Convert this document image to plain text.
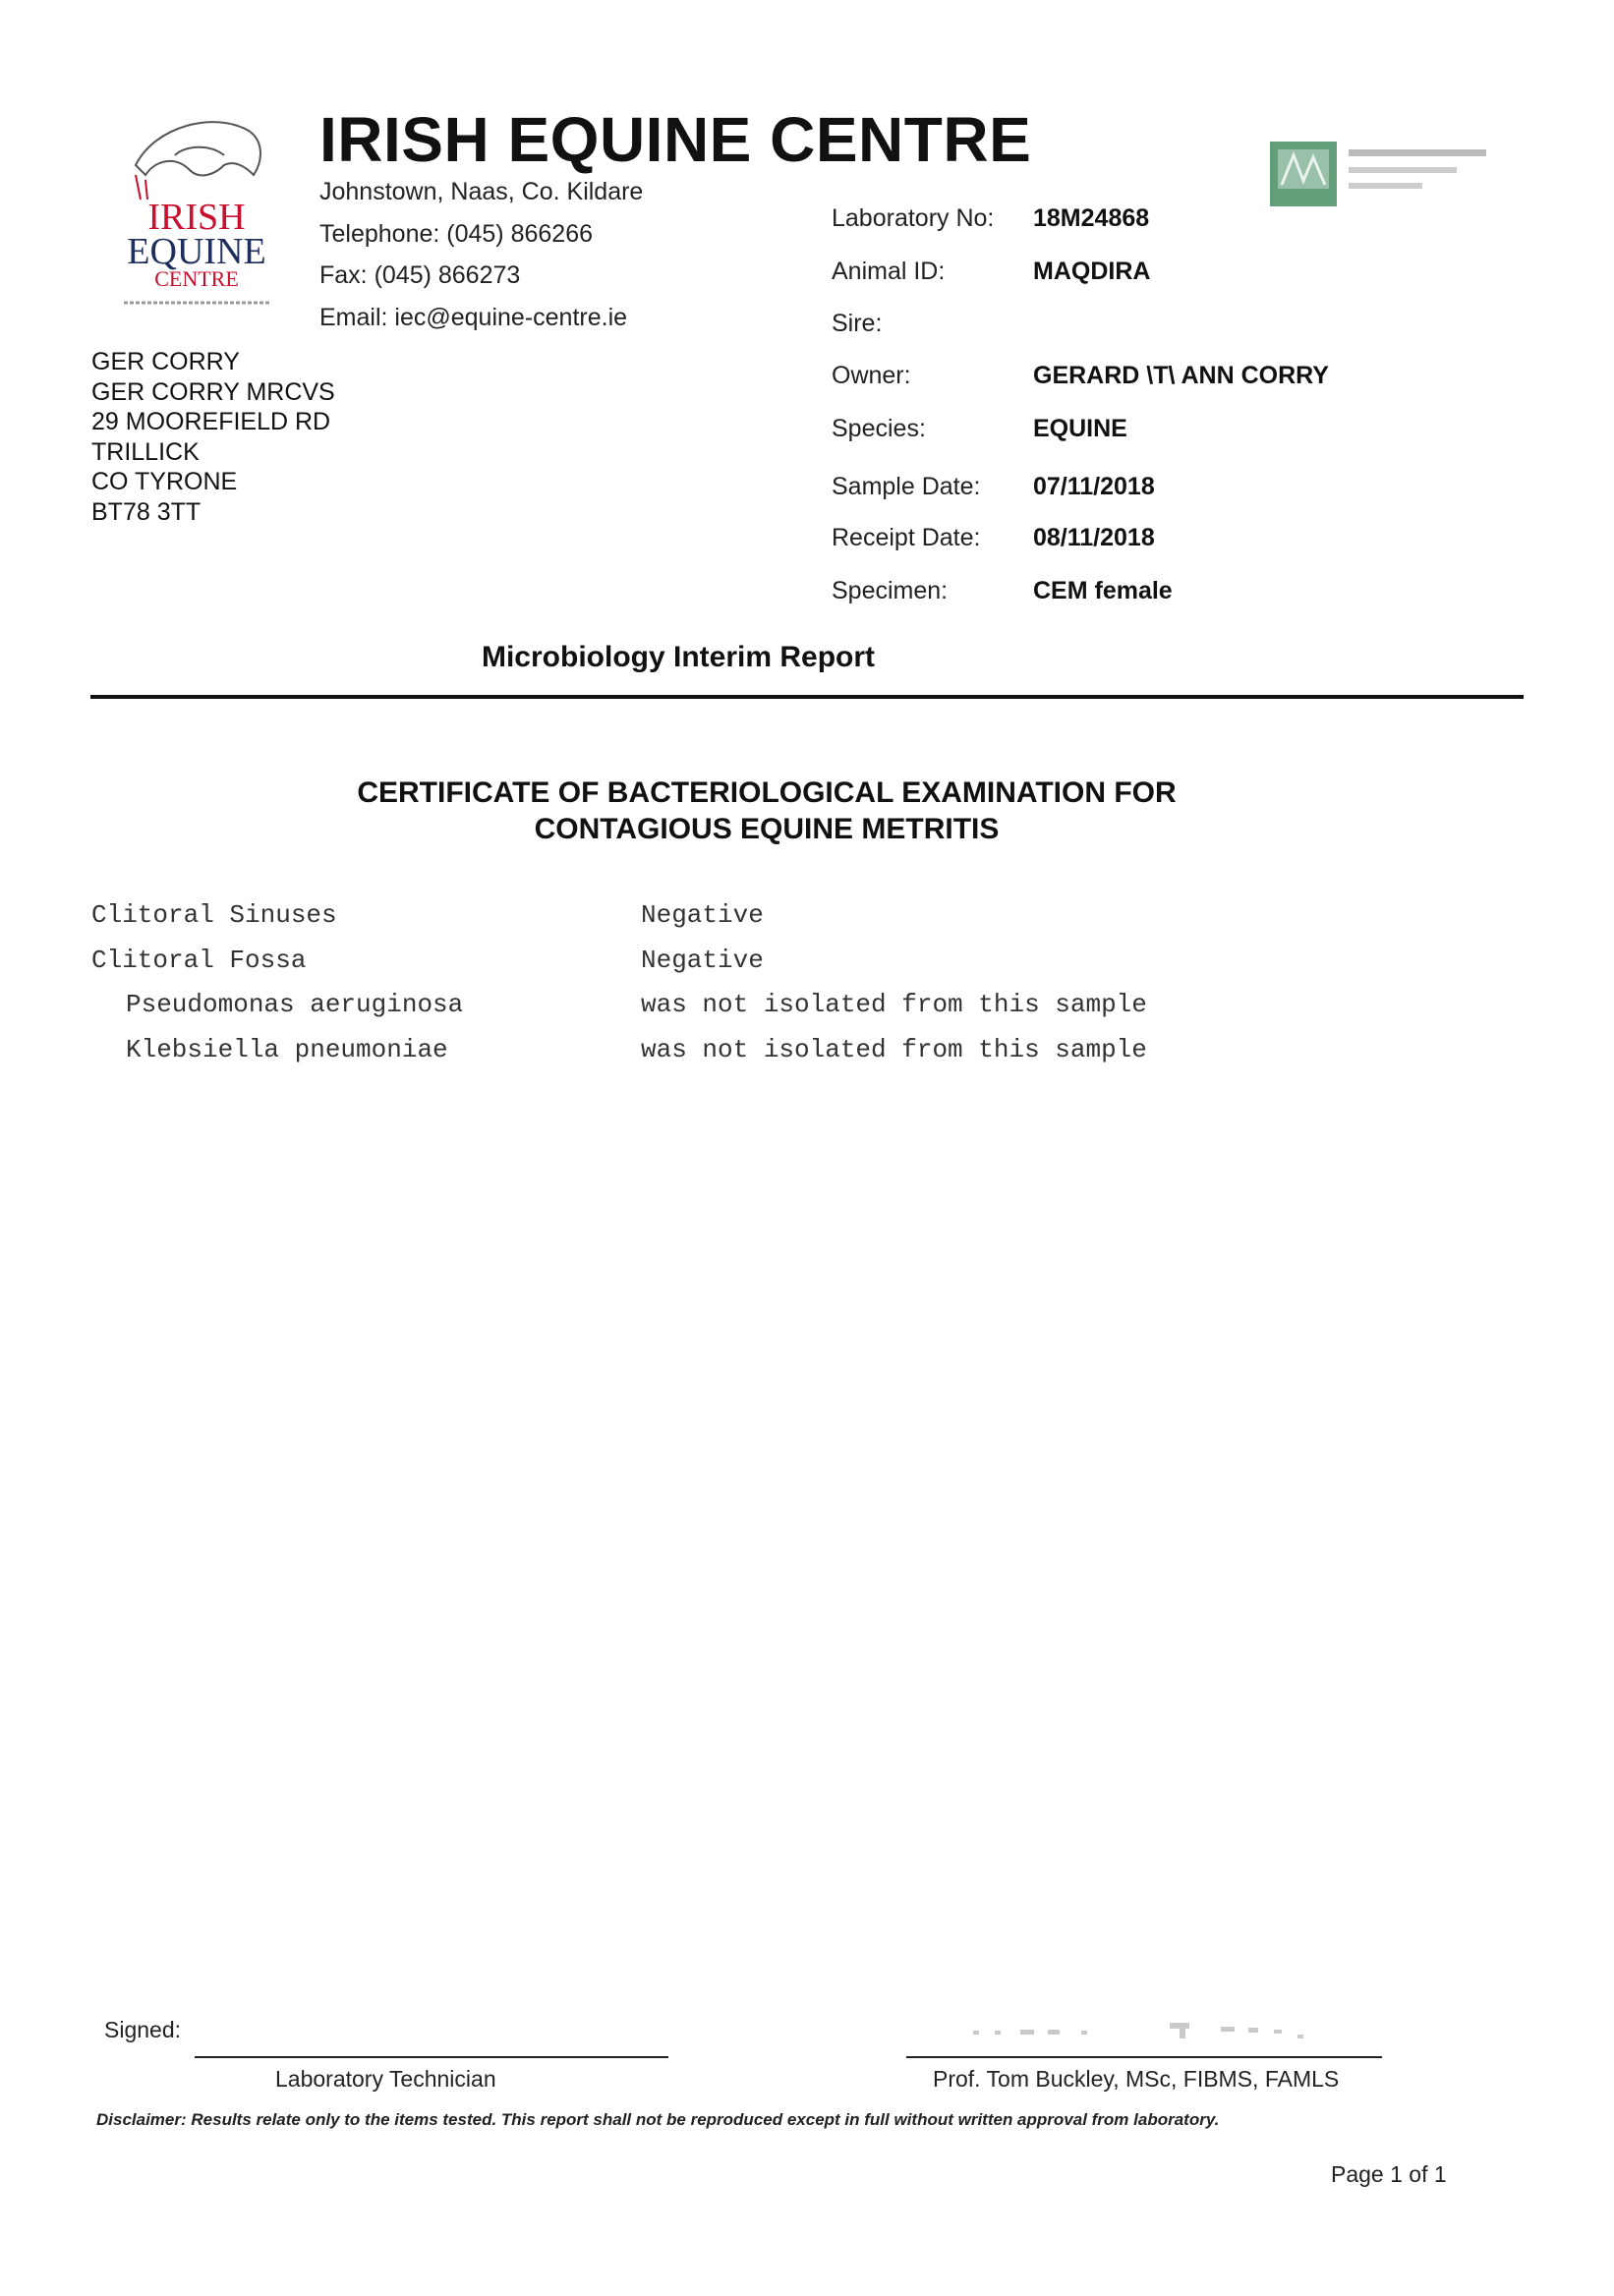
IRISH
EQUINE
CENTRE
IRISH EQUINE CENTRE
Johnstown, Naas, Co. Kildare
Telephone: (045) 866266
Fax: (045) 866273
Email: iec@equine-centre.ie
GER CORRY
GER CORRY MRCVS
29 MOOREFIELD RD
TRILLICK
CO TYRONE
BT78 3TT
Laboratory No: 18M24868
Animal ID:	MAQDIRA
Sire:
Owner:	GERARD \T\ ANN CORRY
Species:	EQUINE
Sample Date: 07/11/2018
Receipt Date: 08/11/2018
Specimen:	CEM female
Microbiology Interim Report
CERTIFICATE OF BACTERIOLOGICAL EXAMINATION FOR
CONTAGIOUS EQUINE METRITIS
Clitoral Sinuses	Negative
Clitoral Fossa	Negative
Pseudomonas aeruginosa	was not isolated from this sample
Klebsiella pneumoniae	was not isolated from this sample
Signed:
Laboratory Technician	Prof. Tom Buckley, MSc, FIBMS, FAMLS
Disclaimer: Results relate only to the items tested. This report shall not be reproduced except in full without written approval from laboratory.
Page 1 of 1
